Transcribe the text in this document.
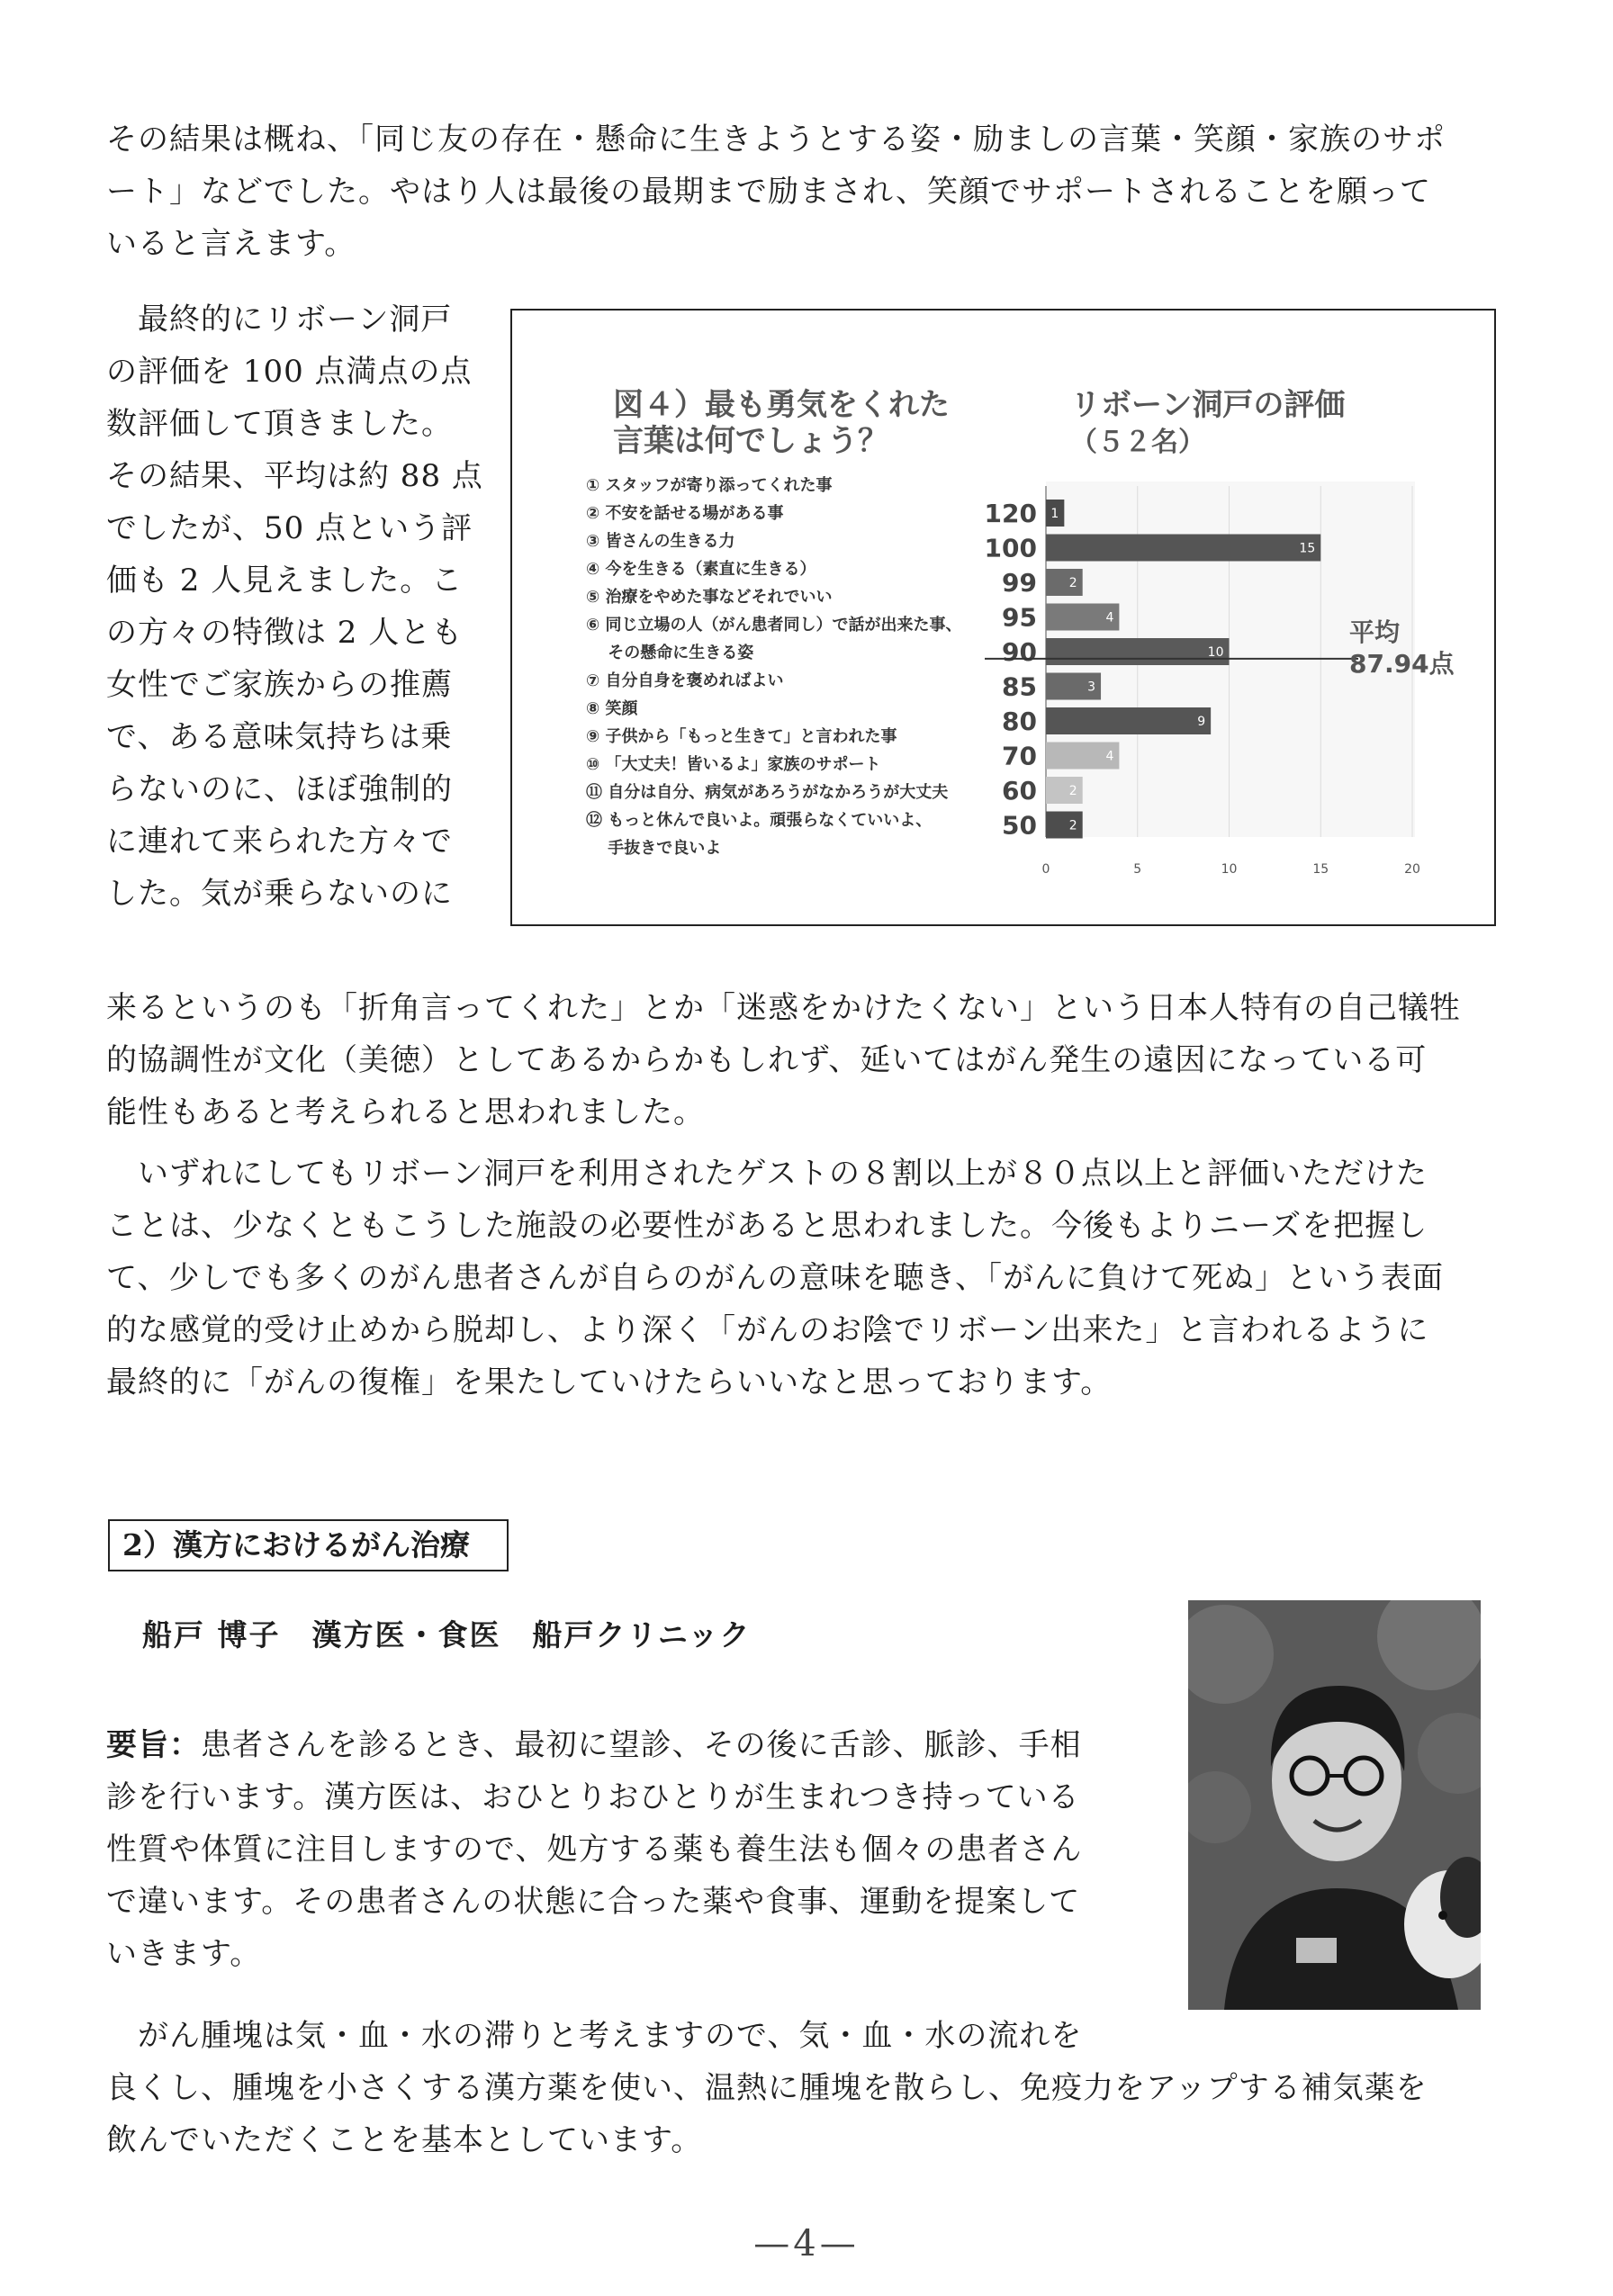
その結果は概ね、「同じ友の存在・懸命に生きようとする姿・励ましの言葉・笑顔・家族のサポ
ート」などでした。やはり人は最後の最期まで励まされ、笑顔でサポートされることを願って
いると言えます。

　最終的にリボーン洞戸
の評価を 100 点満点の点
数評価して頂きました。
その結果、平均は約 88 点
でしたが、50 点という評
価も 2 人見えました。こ
の方々の特徴は 2 人とも
女性でご家族からの推薦
で、ある意味気持ちは乗
らないのに、ほぼ強制的
に連れて来られた方々で
した。気が乗らないのに

図４）最も勇気をくれた
言葉は何でしょう？
① スタッフが寄り添ってくれた事
② 不安を話せる場がある事
③ 皆さんの生きる力
④ 今を生きる（素直に生きる）
⑤ 治療をやめた事などそれでいい
⑥ 同じ立場の人（がん患者同し）で話が出来た事、
　 その懸命に生きる姿
⑦ 自分自身を褒めればよい
⑧ 笑顔
⑨ 子供から「もっと生きて」と言われた事
⑩ 「大丈夫！皆いるよ」家族のサポート
⑪ 自分は自分、病気があろうがなかろうが大丈夫
⑫ もっと休んで良いよ。頑張らなくていいよ、
　 手抜きで良いよ
リボーン洞戸の評価
（５２名）
1
15
2
4
10
3
9
4
2
2
120
100
99
95
90
85
80
70
60
50
0	5	10	15	20
平均
87.94点

来るというのも「折角言ってくれた」とか「迷惑をかけたくない」という日本人特有の自己犠牲
的協調性が文化（美徳）としてあるからかもしれず、延いてはがん発生の遠因になっている可
能性もあると考えられると思われました。

　いずれにしてもリボーン洞戸を利用されたゲストの８割以上が８０点以上と評価いただけた
ことは、少なくともこうした施設の必要性があると思われました。今後もよりニーズを把握し
て、少しでも多くのがん患者さんが自らのがんの意味を聴き、「がんに負けて死ぬ」という表面
的な感覚的受け止めから脱却し、より深く「がんのお陰でリボーン出来た」と言われるように
最終的に「がんの復権」を果たしていけたらいいなと思っております。

2）漢方におけるがん治療
船戸 博子　漢方医・食医　船戸クリニック

要旨：患者さんを診るとき、最初に望診、その後に舌診、脈診、手相
診を行います。漢方医は、おひとりおひとりが生まれつき持っている
性質や体質に注目しますので、処方する薬も養生法も個々の患者さん
で違います。その患者さんの状態に合った薬や食事、運動を提案して
いきます。

　がん腫塊は気・血・水の滞りと考えますので、気・血・水の流れを
良くし、腫塊を小さくする漢方薬を使い、温熱に腫塊を散らし、免疫力をアップする補気薬を
飲んでいただくことを基本としています。

—4—
